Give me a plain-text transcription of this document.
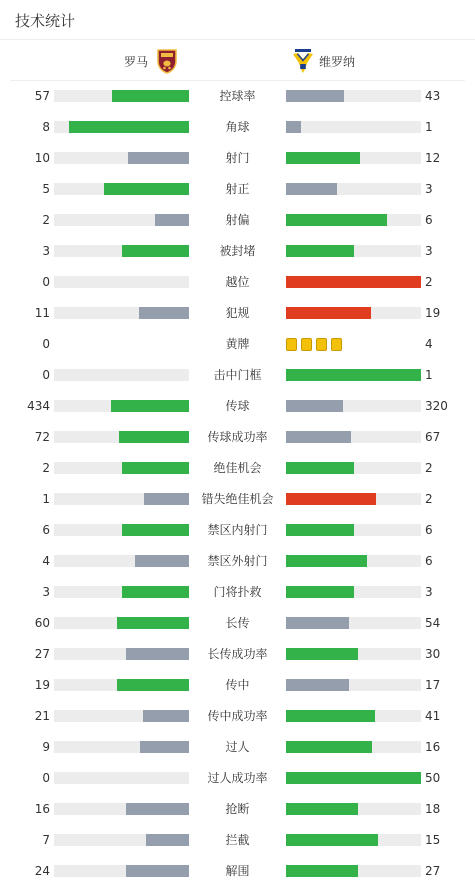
技术统计
罗马	维罗纳
57	控球率	43
8	角球	1
10	射门	12
5	射正	3
2	射偏	6
3	被封堵	3
0	越位	2
11	犯规	19
0	黄牌	4
0	击中门框	1
434	传球	320
72	传球成功率	67
2	绝佳机会	2
1	错失绝佳机会	2
6	禁区内射门	6
4	禁区外射门	6
3	门将扑救	3
60	长传	54
27	长传成功率	30
19	传中	17
21	传中成功率	41
9	过人	16
0	过人成功率	50
16	抢断	18
7	拦截	15
24	解围	27
